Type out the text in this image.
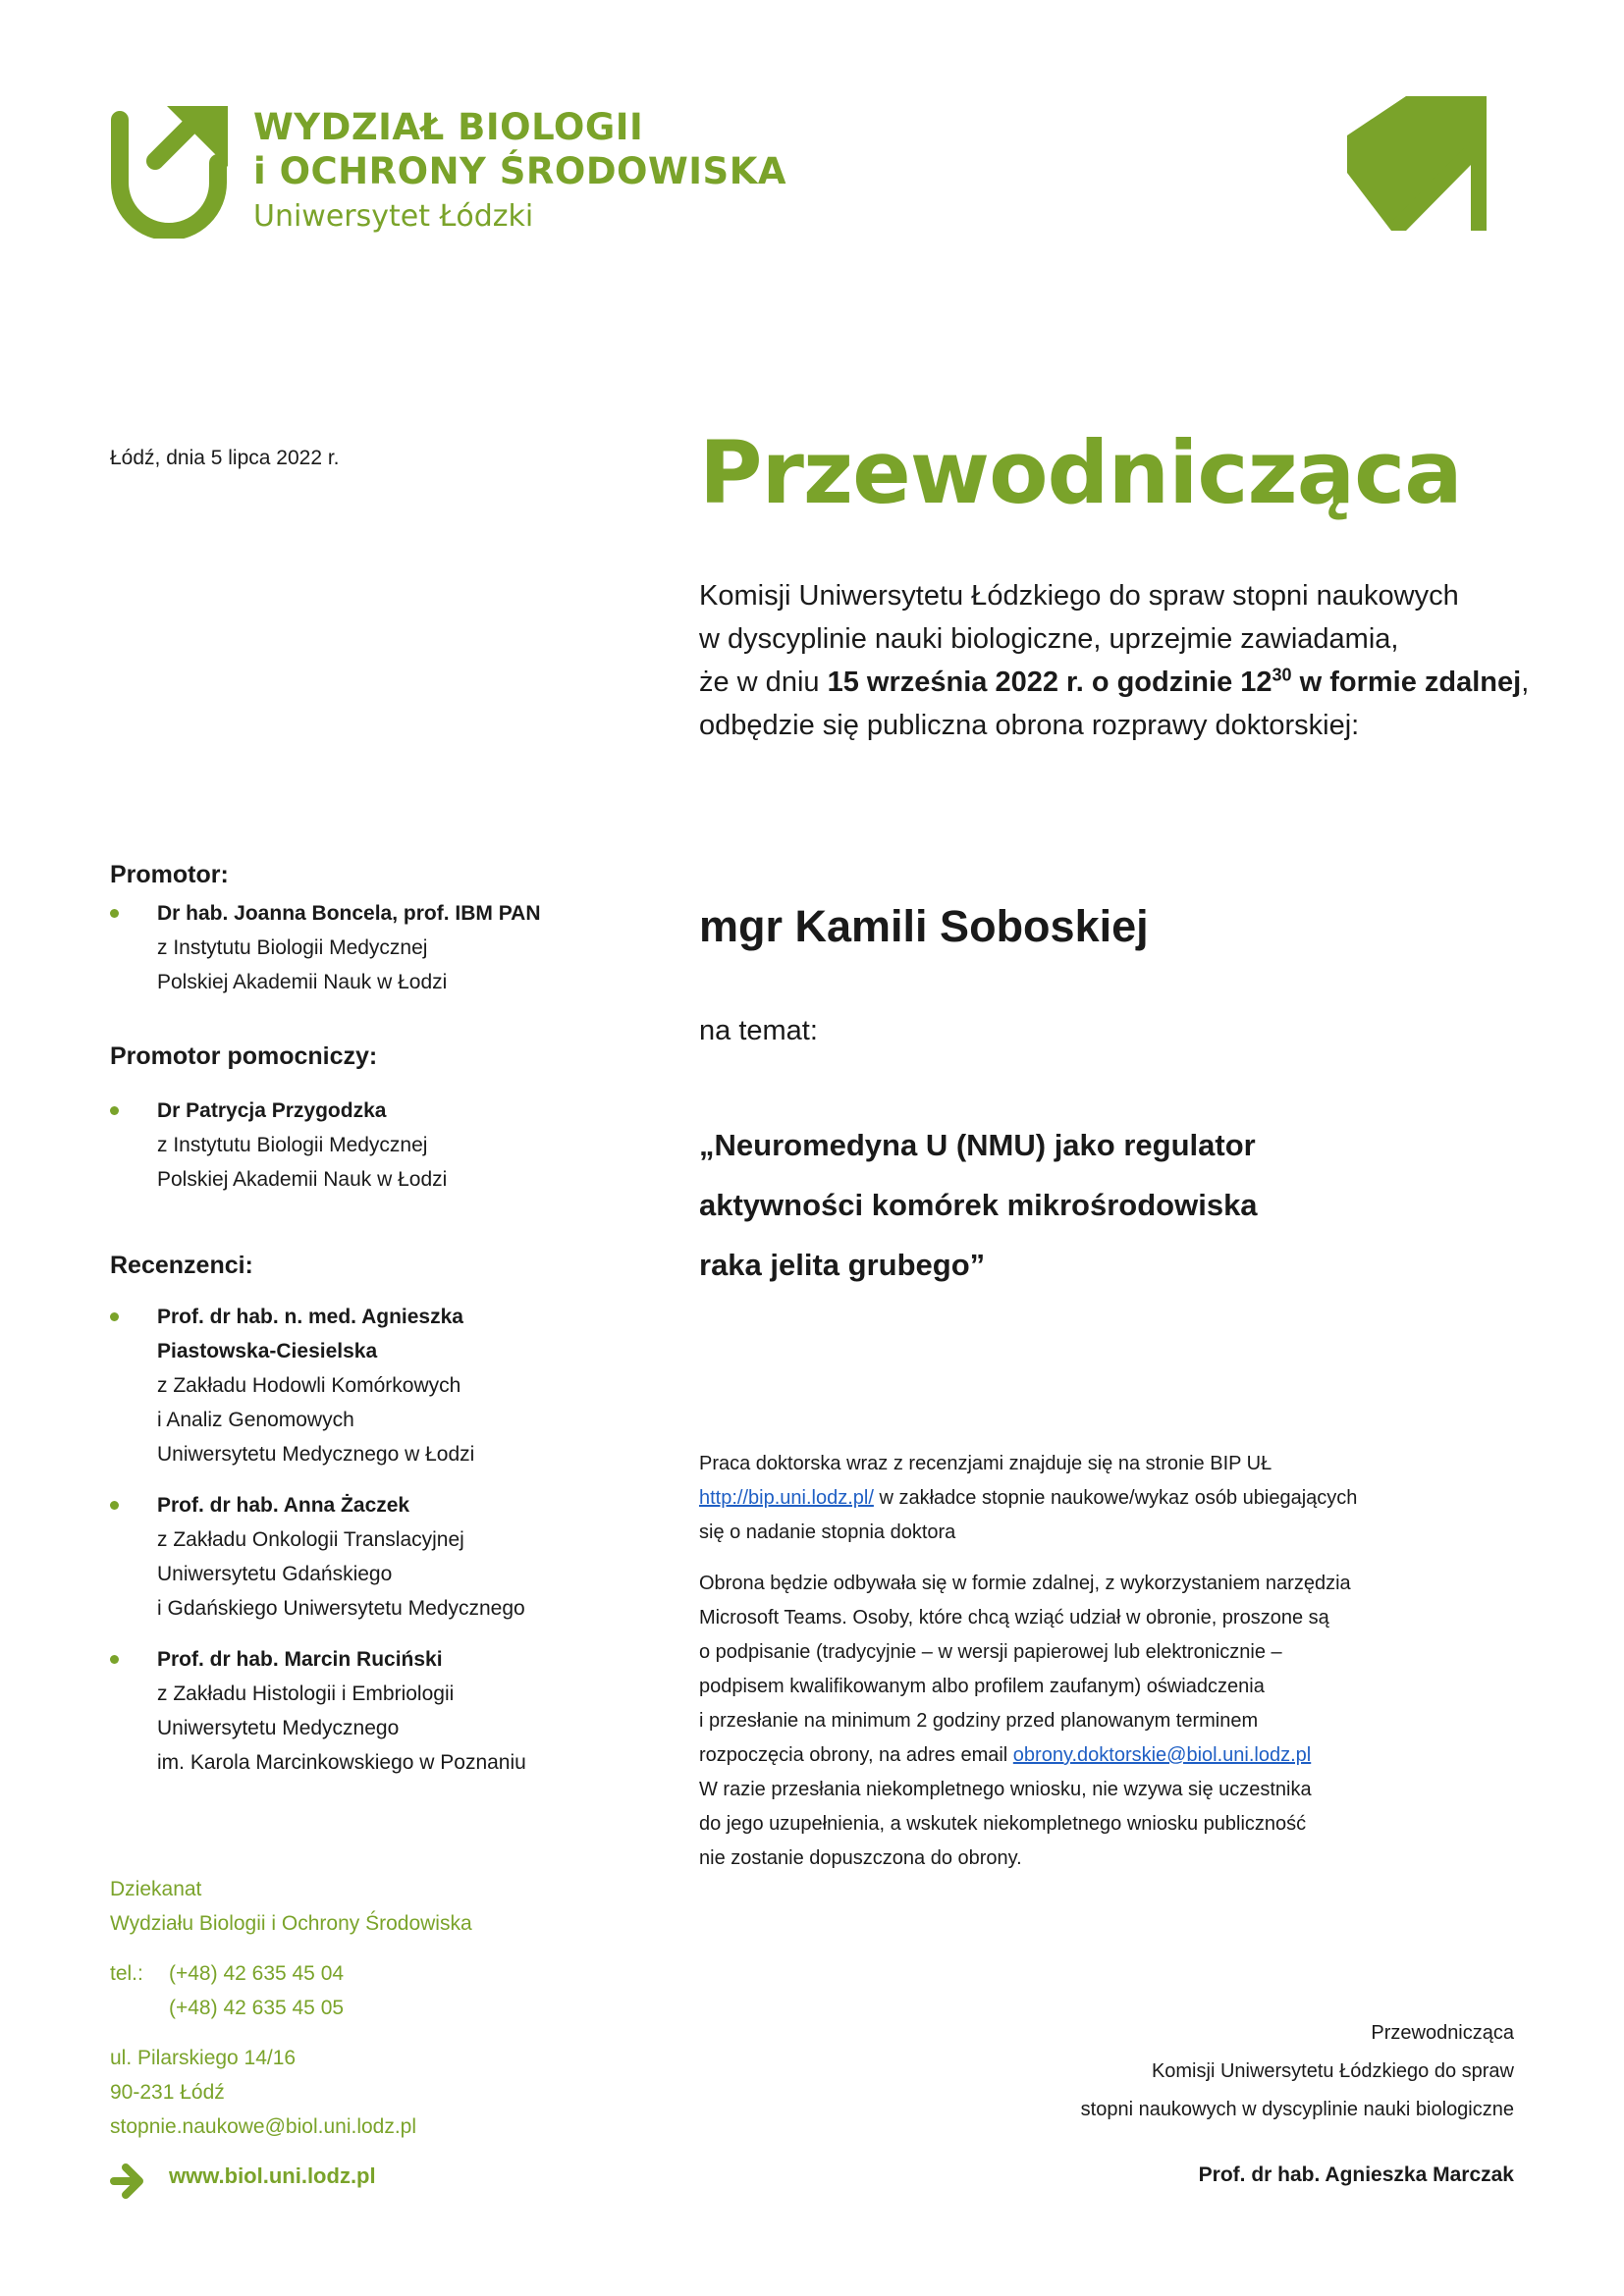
WYDZIAŁ BIOLOGII
i OCHRONY ŚRODOWISKA
Uniwersytet Łódzki
Łódź, dnia 5 lipca 2022 r.
Promotor:
Dr hab. Joanna Boncela, prof. IBM PAN
z Instytutu Biologii Medycznej
Polskiej Akademii Nauk w Łodzi
Promotor pomocniczy:
Dr Patrycja Przygodzka
z Instytutu Biologii Medycznej
Polskiej Akademii Nauk w Łodzi
Recenzenci:
Prof. dr hab. n. med. Agnieszka
Piastowska-Ciesielska
z Zakładu Hodowli Komórkowych
i Analiz Genomowych
Uniwersytetu Medycznego w Łodzi
Prof. dr hab. Anna Żaczek
z Zakładu Onkologii Translacyjnej
Uniwersytetu Gdańskiego
i Gdańskiego Uniwersytetu Medycznego
Prof. dr hab. Marcin Ruciński
z Zakładu Histologii i Embriologii
Uniwersytetu Medycznego
im. Karola Marcinkowskiego w Poznaniu
Dziekanat
Wydziału Biologii i Ochrony Środowiska
tel.:	(+48) 42 635 45 04
(+48) 42 635 45 05
ul. Pilarskiego 14/16
90-231 Łódź
stopnie.naukowe@biol.uni.lodz.pl
www.biol.uni.lodz.pl
Przewodnicząca
Komisji Uniwersytetu Łódzkiego do spraw stopni naukowych
w dyscyplinie nauki biologiczne, uprzejmie zawiadamia,
że w dniu 15 września 2022 r. o godzinie $12^{30}$ w formie zdalnej,
odbędzie się publiczna obrona rozprawy doktorskiej:
mgr Kamili Soboskiej
na temat:
„Neuromedyna U (NMU) jako regulator
aktywności komórek mikrośrodowiska
raka jelita grubego”
Praca doktorska wraz z recenzjami znajduje się na stronie BIP UŁ
http://bip.uni.lodz.pl/ w zakładce stopnie naukowe/wykaz osób ubiegających
się o nadanie stopnia doktora
Obrona będzie odbywała się w formie zdalnej, z wykorzystaniem narzędzia
Microsoft Teams. Osoby, które chcą wziąć udział w obronie, proszone są
o podpisanie (tradycyjnie – w wersji papierowej lub elektronicznie –
podpisem kwalifikowanym albo profilem zaufanym) oświadczenia
i przesłanie na minimum 2 godziny przed planowanym terminem
rozpoczęcia obrony, na adres email obrony.doktorskie@biol.uni.lodz.pl
W razie przesłania niekompletnego wniosku, nie wzywa się uczestnika
do jego uzupełnienia, a wskutek niekompletnego wniosku publiczność
nie zostanie dopuszczona do obrony.
Przewodnicząca
Komisji Uniwersytetu Łódzkiego do spraw
stopni naukowych w dyscyplinie nauki biologiczne
Prof. dr hab. Agnieszka Marczak
